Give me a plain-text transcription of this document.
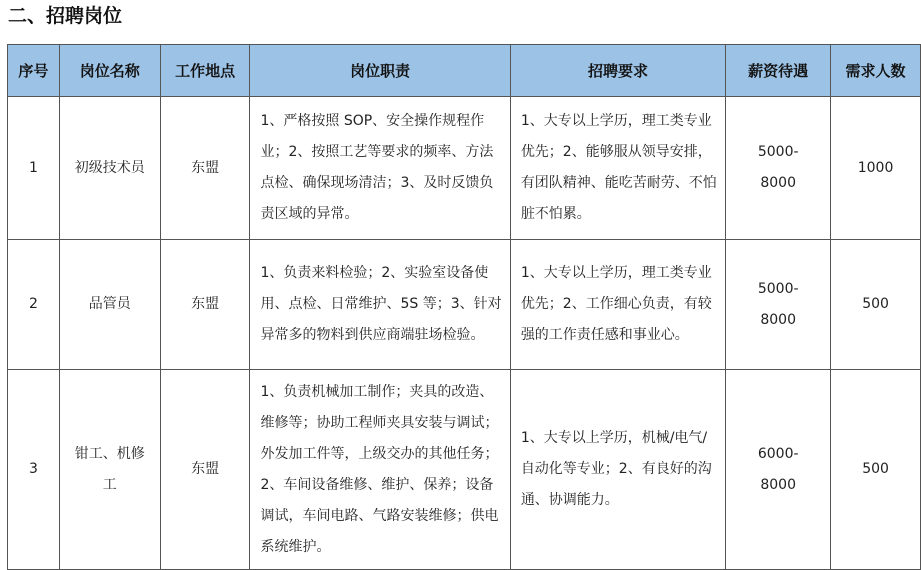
二、招聘岗位
序号	岗位名称	工作地点	岗位职责	招聘要求	薪资待遇	需求人数
1	初级技术员	东盟	1、严格按照 SOP、安全操作规程作业；2、按照工艺等要求的频率、方法点检、确保现场清洁；3、及时反馈负责区域的异常。	1、大专以上学历，理工类专业优先；2、能够服从领导安排，有团队精神、能吃苦耐劳、不怕脏不怕累。	5000-8000	1000
2	品管员	东盟	1、负责来料检验；2、实验室设备使用、点检、日常维护、5S 等；3、针对异常多的物料到供应商端驻场检验。	1、大专以上学历，理工类专业优先；2、工作细心负责，有较强的工作责任感和事业心。	5000-8000	500
3	钳工、机修工	东盟	1、负责机械加工制作；夹具的改造、维修等；协助工程师夹具安装与调试；外发加工件等，上级交办的其他任务；2、车间设备维修、维护、保养；设备调试，车间电路、气路安装维修；供电系统维护。	1、大专以上学历，机械/电气/自动化等专业；2、有良好的沟通、协调能力。	6000-8000	500
